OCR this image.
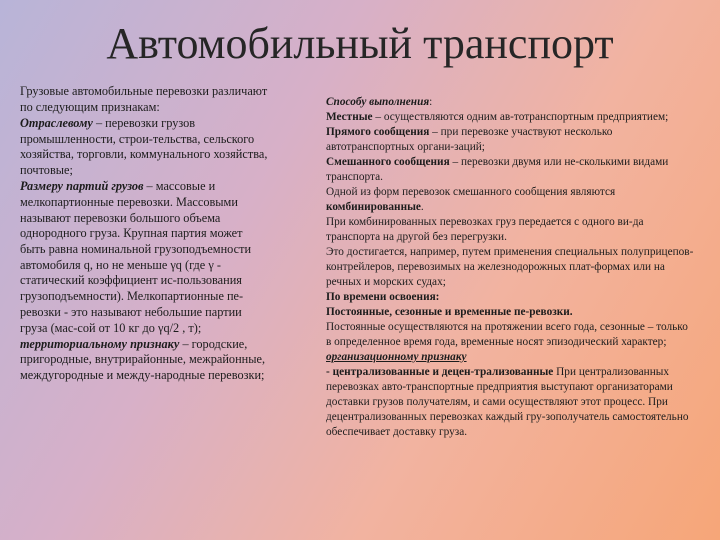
Автомобильный транспорт

Грузовые автомобильные перевозки различают по следующим признакам:

Отраслевому – перевозки грузов промышленности, строи-тельства, сельского хозяйства, торговли, коммунального хозяйства, почтовые;

Размеру партий грузов – массовые и мелкопартионные перевозки. Массовыми называют перевозки большого объема однородного груза. Крупная партия может быть равна номинальной грузоподъемности автомобиля q, но не меньше γq (где γ - статический коэффициент ис-пользования грузоподъемности). Мелкопартионные пе-ревозки - это называют небольшие партии груза (мас-сой от 10 кг до γq/2 , т);

территориальному признаку – городские, пригородные, внутрирайонные, межрайонные, междугородные и между-народные перевозки;

Способу выполнения:

Местные – осуществляются одним ав-тотранспортным предприятием;

Прямого сообщения – при перевозке участвуют несколько автотранспортных органи-заций;

Смешанного сообщения – перевозки двумя или не-сколькими видами транспорта.

Одной из форм перевозок смешанного сообщения являются комбинированные.

При комбинированных перевозках груз передается с одного ви-да транспорта на другой без перегрузки.

Это достигается, например, путем применения специальных полуприцепов-контрейлеров, перевозимых на железнодорожных плат-формах или на речных и морских судах;

По времени освоения:

Постоянные, сезонные и временные пе-ревозки.

Постоянные осуществляются на протяжении всего года, сезонные – только в определенное время года, временные носят эпизодический характер;

организационному признаку

- централизованные и децен-трализованные При централизованных перевозках авто-транспортные предприятия выступают организаторами доставки грузов получателям, и сами осуществляют этот процесс. При децентрализованных перевозках каждый гру-зополучатель самостоятельно обеспечивает доставку груза.
